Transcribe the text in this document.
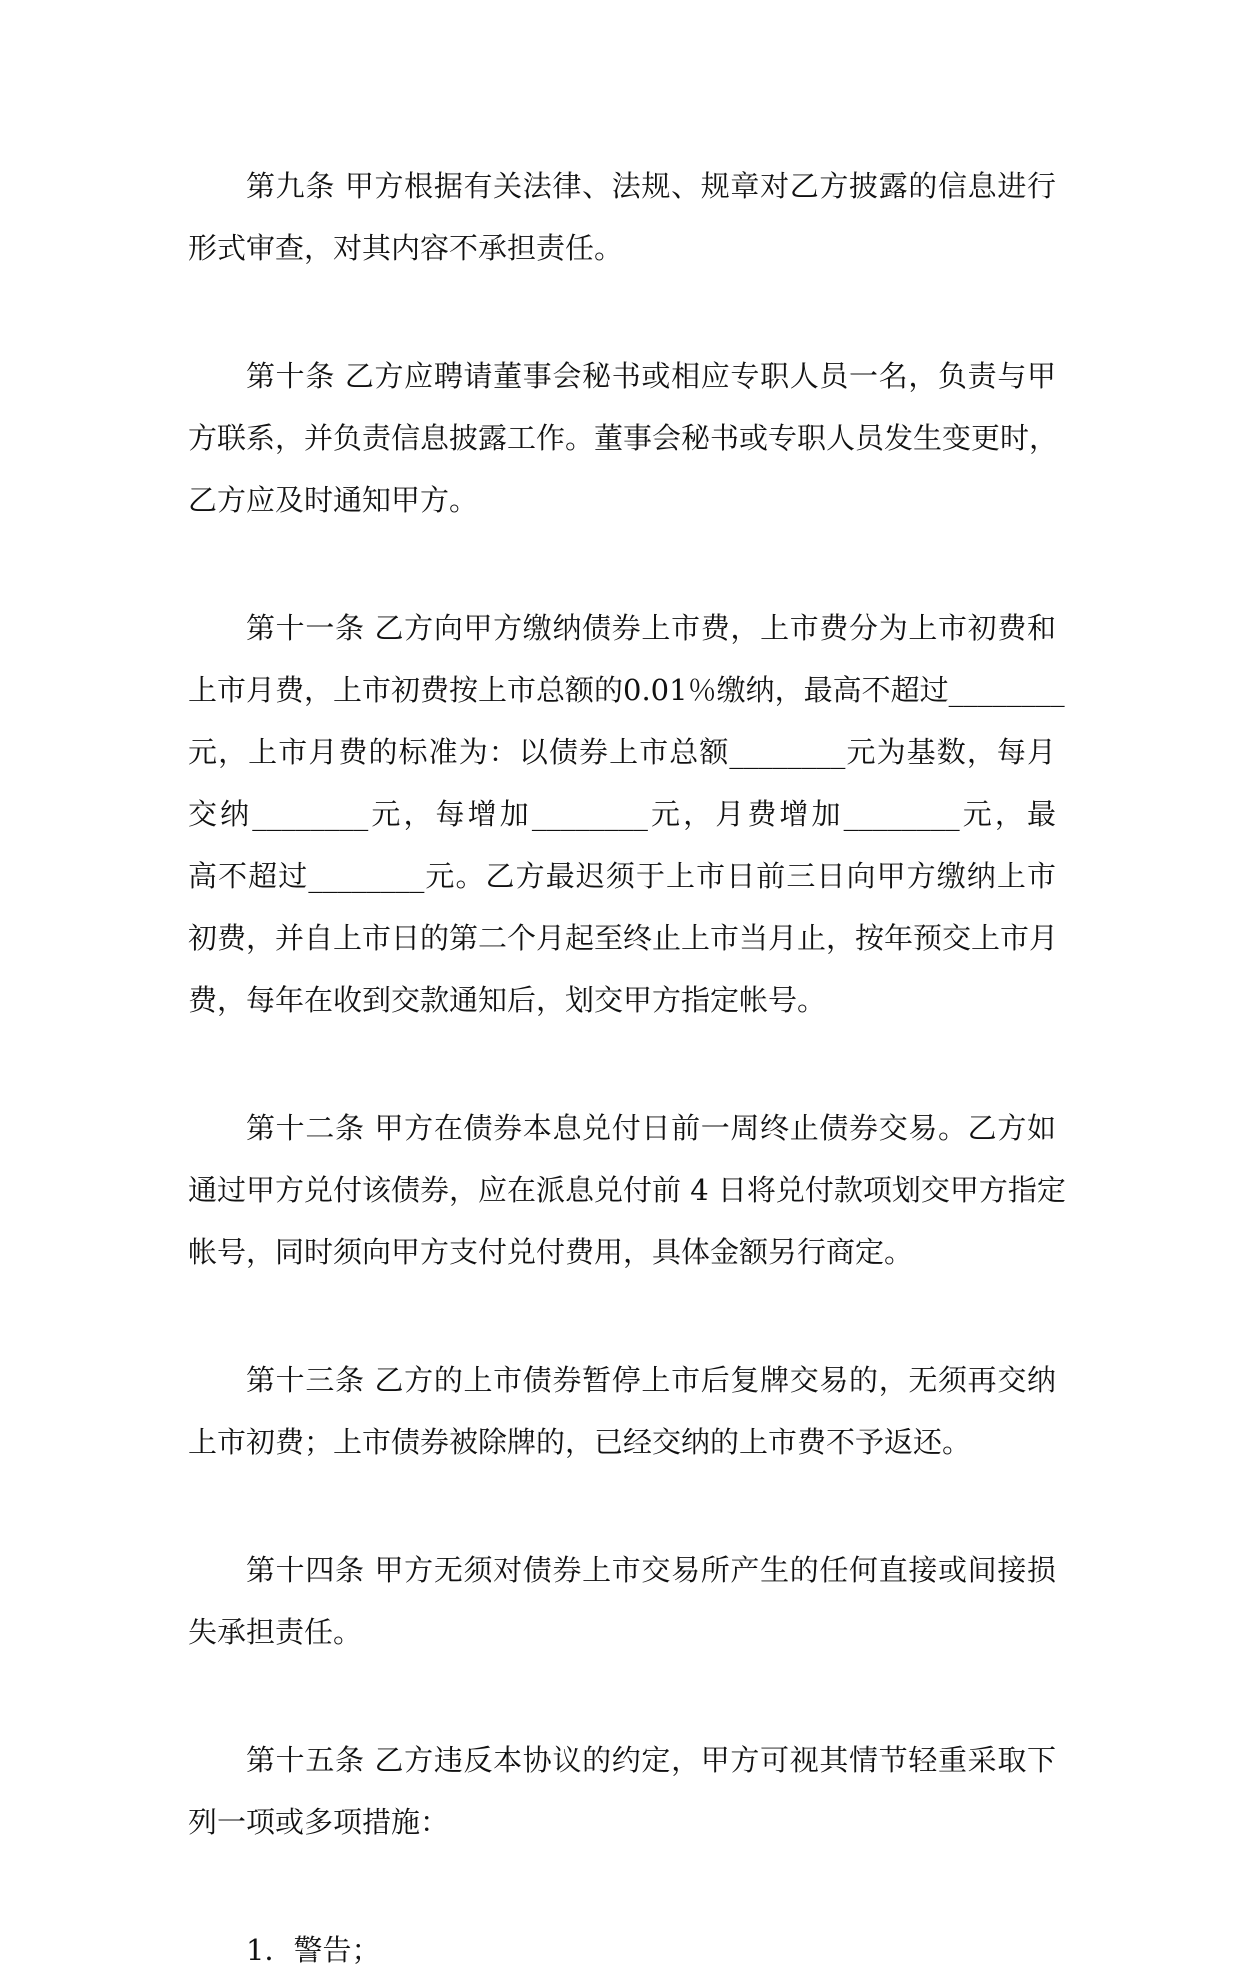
第九条 甲方根据有关法律、法规、规章对乙方披露的信息进行
形式审查，对其内容不承担责任。
第十条 乙方应聘请董事会秘书或相应专职人员一名，负责与甲
方联系，并负责信息披露工作。董事会秘书或专职人员发生变更时，
乙方应及时通知甲方。
第十一条 乙方向甲方缴纳债券上市费，上市费分为上市初费和
上市月费，上市初费按上市总额的0.01％缴纳，最高不超过________
元，上市月费的标准为：以债券上市总额________元为基数，每月
交纳________元，每增加________元，月费增加________元，最
高不超过________元。乙方最迟须于上市日前三日向甲方缴纳上市
初费，并自上市日的第二个月起至终止上市当月止，按年预交上市月
费，每年在收到交款通知后，划交甲方指定帐号。
第十二条 甲方在债券本息兑付日前一周终止债券交易。乙方如
通过甲方兑付该债券，应在派息兑付前 4 日将兑付款项划交甲方指定
帐号，同时须向甲方支付兑付费用，具体金额另行商定。
第十三条 乙方的上市债券暂停上市后复牌交易的，无须再交纳
上市初费；上市债券被除牌的，已经交纳的上市费不予返还。
第十四条 甲方无须对债券上市交易所产生的任何直接或间接损
失承担责任。
第十五条 乙方违反本协议的约定，甲方可视其情节轻重采取下
列一项或多项措施：
1．警告；
